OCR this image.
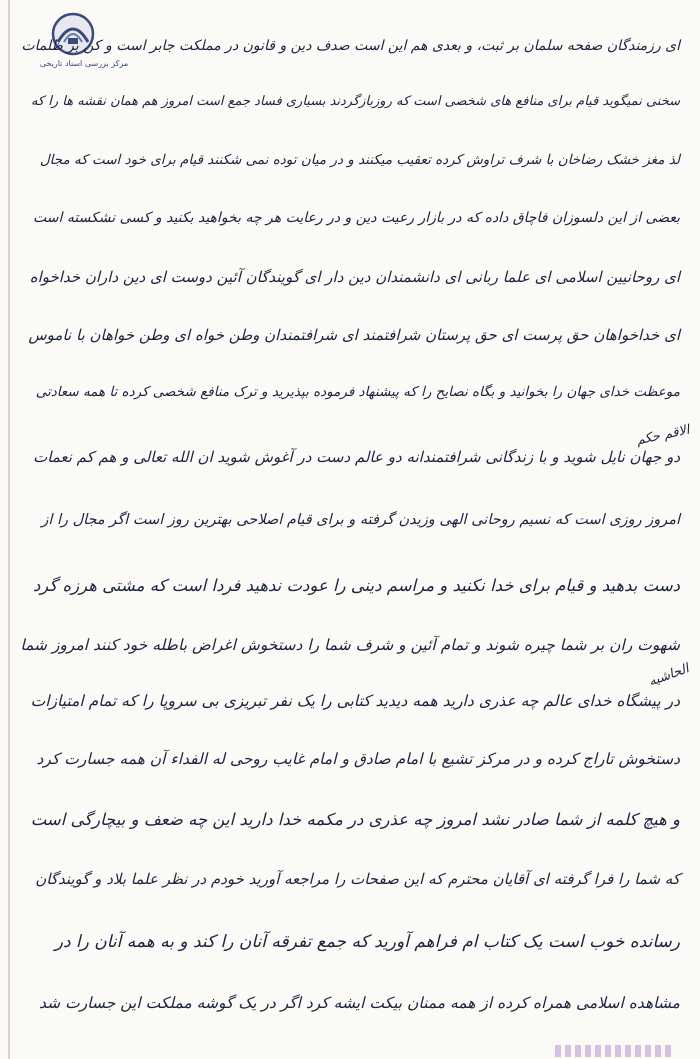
مرکز بررسی اسناد تاریخی
ای رزمندگان صفحه سلمان بر ثبت، و بعدی هم این است صدف دین و قانون در مملکت جابر است و کن بر ظلمات
سخنی نمیگوید قیام برای منافع های شخصی است که روزبازگردند بسیاری فساد جمع است امروز هم همان نقشه ها را که
لذ مغز خشک رضاخان با شرف تراوش کرده تعقیب میکنند و در میان توده نمی شکنند قیام برای خود است که مجال
بعضی از این دلسوزان فاچاق داده که در بازار رعیت دین و در رعایت هر چه بخواهید بکنید و کسی نشکسته است
ای روحانیین اسلامی ای علما ربانی ای دانشمندان دین دار ای گویندگان آئین دوست ای دین داران خداخواه
ای خداخواهان حق پرست ای حق پرستان شرافتمند ای شرافتمندان وطن خواه ای وطن خواهان با ناموس
موعظت خدای جهان را بخوانید و بگاه نصایح را که پیشنهاد فرموده بپذیرید و ترک منافع شخصی کرده تا همه سعادتی
دو جهان نایل شوید و با زندگانی شرافتمندانه دو عالم دست در آغوش شوید ان الله تعالی و هم کم نعمات
امروز روزی است که نسیم روحانی الهی وزیدن گرفته و برای قیام اصلاحی بهترین روز است اگر مجال را از
دست بدهید و قیام برای خدا نکنید و مراسم دینی را عودت ندهید فردا است که مشتی هرزه گرد
شهوت ران بر شما چیره شوند و تمام آئین و شرف شما را دستخوش اغراض باطله خود کنند امروز شما
در پیشگاه خدای عالم چه عذری دارید همه دیدید کتابی را یک نفر تبریزی بی سروپا را که تمام امتیازات
دستخوش تاراج کرده و در مرکز تشیع با امام صادق و امام غایب روحی له الفداء آن همه جسارت کرد
و هیچ کلمه از شما صادر نشد امروز چه عذری در مکمه خدا دارید این چه ضعف و بیچارگی است
که شما را فرا گرفته ای آقایان محترم که این صفحات را مراجعه آورید خودم در نظر علما بلاد و گویندگان
رسانده خوب است یک کتاب ام فراهم آورید که جمع تفرقه آنان را کند و به همه آنان را در
مشاهده اسلامی همراه کرده از همه ممنان بیکت ایشه کرد اگر در یک گوشه مملکت این جسارت شد
الاقم حکم
الحاشیه
